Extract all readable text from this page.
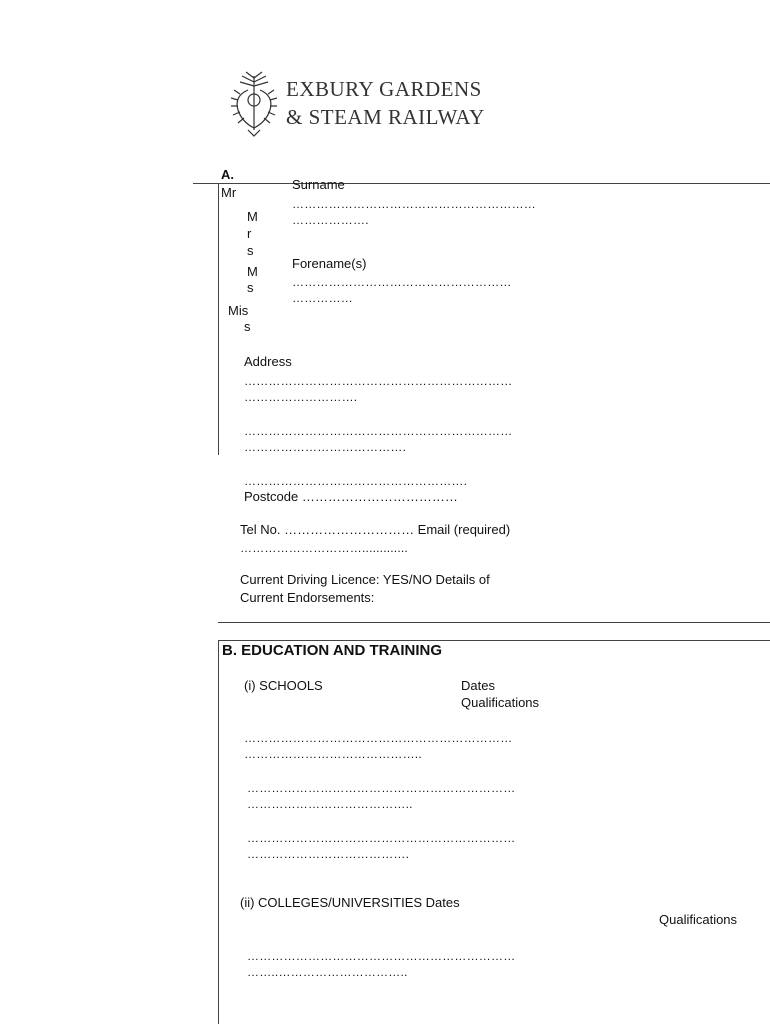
EXBURY GARDENS
& STEAM RAILWAY
A.
Mr
M
r
s
M
s
Mis
s
Surname
……………………………………………………
……………….
Forename(s)
………………………………………………
……………
Address
…………………………………………………………
……………………….
…………………………………………………………
………………………………….
……………………………………………….
Postcode ………………………………
Tel No. ………………………… Email (required)
………………………….............
Current Driving Licence: YES/NO Details of
Current Endorsements:
B. EDUCATION AND TRAINING
(i) SCHOOLS	Dates
Qualifications
…………………………………………………………
……………………………………..
…………………………………………………………
…………………………………..
…………………………………………………………
………………………………….
(ii) COLLEGES/UNIVERSITIES Dates
Qualifications
…………………………………………………………
……..…………………………..
